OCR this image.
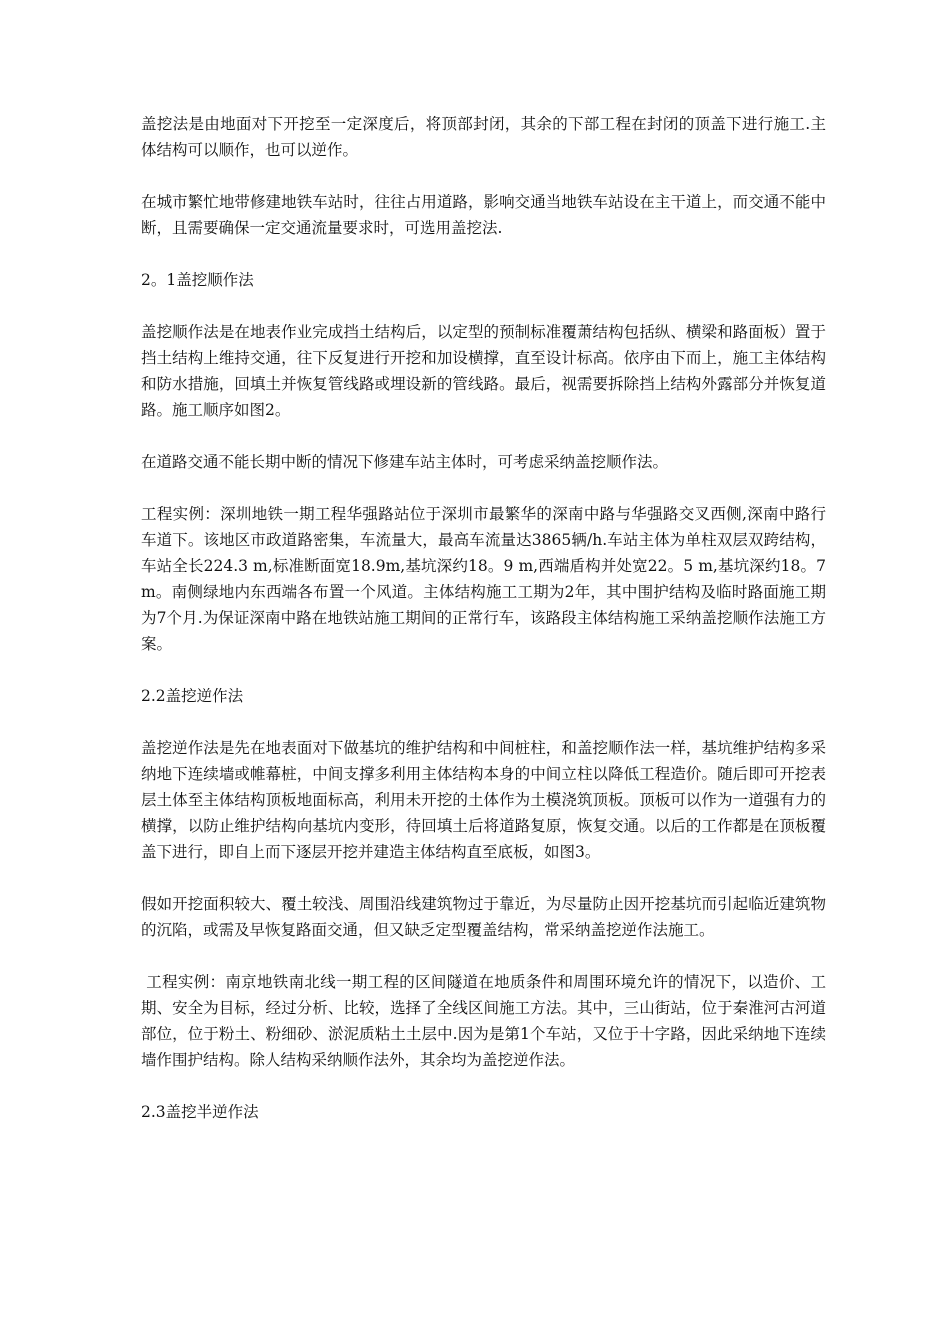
盖挖法是由地面对下开挖至一定深度后，将顶部封闭，其余的下部工程在封闭的顶盖下进行施工.主体结构可以顺作，也可以逆作。

在城市繁忙地带修建地铁车站时，往往占用道路，影响交通当地铁车站设在主干道上，而交通不能中断，且需要确保一定交通流量要求时，可选用盖挖法.

2。1盖挖顺作法

盖挖顺作法是在地表作业完成挡土结构后，以定型的预制标准覆萧结构包括纵、横梁和路面板）置于挡土结构上维持交通，往下反复进行开挖和加设横撑，直至设计标高。依序由下而上，施工主体结构和防水措施，回填土并恢复管线路或埋设新的管线路。最后，视需要拆除挡上结构外露部分并恢复道路。施工顺序如图2。

在道路交通不能长期中断的情况下修建车站主体时，可考虑采纳盖挖顺作法。

工程实例：深圳地铁一期工程华强路站位于深圳市最繁华的深南中路与华强路交叉西侧,深南中路行车道下。该地区市政道路密集，车流量大，最高车流量达3865辆/h.车站主体为单柱双层双跨结构，车站全长224.3 m,标准断面宽18.9m,基坑深约18。9 m,西端盾构并处宽22。5 m,基坑深约18。7 m。南侧绿地内东西端各布置一个风道。主体结构施工工期为2年，其中围护结构及临时路面施工期为7个月.为保证深南中路在地铁站施工期间的正常行车，该路段主体结构施工采纳盖挖顺作法施工方案。

2.2盖挖逆作法

盖挖逆作法是先在地表面对下做基坑的维护结构和中间桩柱，和盖挖顺作法一样，基坑维护结构多采纳地下连续墙或帷幕桩，中间支撑多利用主体结构本身的中间立柱以降低工程造价。随后即可开挖表层土体至主体结构顶板地面标高，利用未开挖的土体作为土模浇筑顶板。顶板可以作为一道强有力的横撑，以防止维护结构向基坑内变形，待回填土后将道路复原，恢复交通。以后的工作都是在顶板覆盖下进行，即自上而下逐层开挖并建造主体结构直至底板，如图3。

假如开挖面积较大、覆土较浅、周围沿线建筑物过于靠近，为尽量防止因开挖基坑而引起临近建筑物的沉陷，或需及早恢复路面交通，但又缺乏定型覆盖结构，常采纳盖挖逆作法施工。

工程实例：南京地铁南北线一期工程的区间隧道在地质条件和周围环境允许的情况下，以造价、工期、安全为目标，经过分析、比较，选择了全线区间施工方法。其中，三山街站，位于秦淮河古河道部位，位于粉土、粉细砂、淤泥质粘土土层中.因为是第1个车站，又位于十字路，因此采纳地下连续墙作围护结构。除人结构采纳顺作法外，其余均为盖挖逆作法。

2.3盖挖半逆作法
